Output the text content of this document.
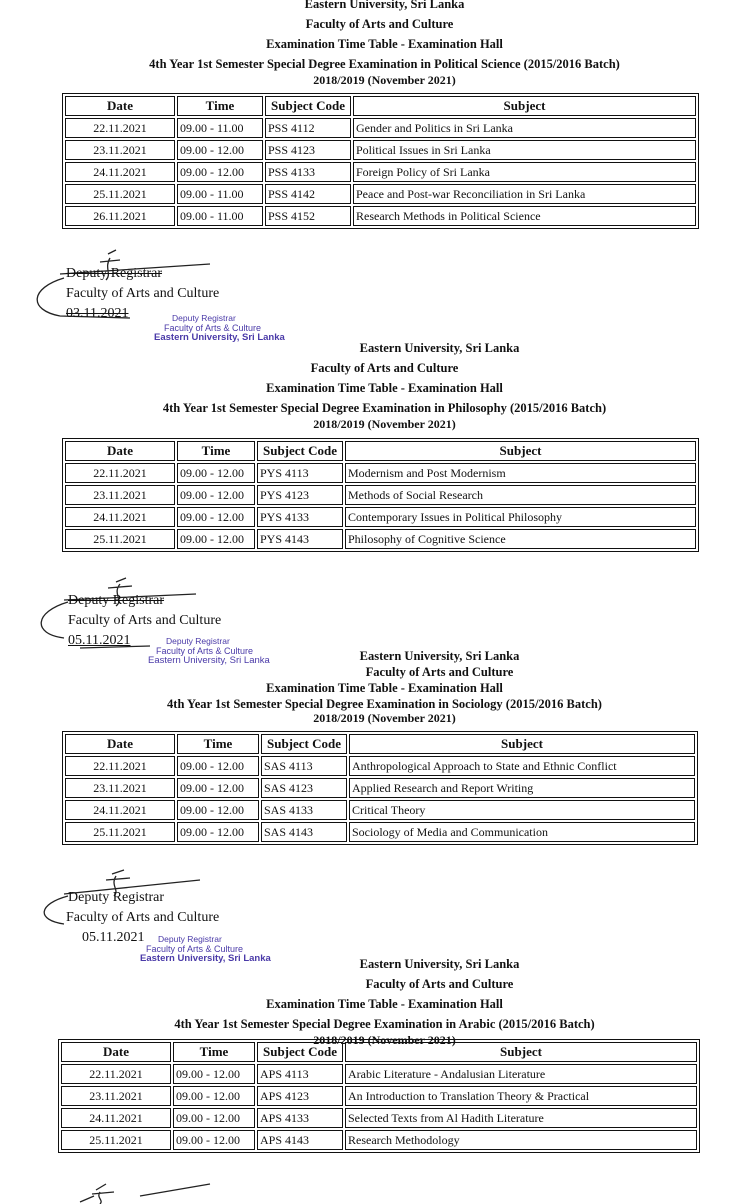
Eastern University, Sri Lanka
Faculty of Arts and Culture
Examination Time Table - Examination Hall
4th Year 1st Semester Special Degree Examination in Political Science (2015/2016 Batch)
2018/2019 (November 2021)
Date	Time	Subject Code	Subject
22.11.2021	09.00 - 11.00	PSS 4112	Gender and Politics in Sri Lanka
23.11.2021	09.00 - 12.00	PSS 4123	Political Issues in Sri Lanka
24.11.2021	09.00 - 12.00	PSS 4133	Foreign Policy of Sri Lanka
25.11.2021	09.00 - 11.00	PSS 4142	Peace and Post-war Reconciliation in Sri Lanka
26.11.2021	09.00 - 11.00	PSS 4152	Research Methods in Political Science
Deputy Registrar
Faculty of Arts and Culture
03.11.2021	Deputy Registrar
Faculty of Arts & Culture
Eastern University, Sri Lanka
Eastern University, Sri Lanka
Faculty of Arts and Culture
Examination Time Table - Examination Hall
4th Year 1st Semester Special Degree Examination in Philosophy (2015/2016 Batch)
2018/2019 (November 2021)
Date	Time	Subject Code	Subject
22.11.2021	09.00 - 12.00	PYS 4113	Modernism and Post Modernism
23.11.2021	09.00 - 12.00	PYS 4123	Methods of Social Research
24.11.2021	09.00 - 12.00	PYS 4133	Contemporary Issues in Political Philosophy
25.11.2021	09.00 - 12.00	PYS 4143	Philosophy of Cognitive Science
Deputy Registrar
Faculty of Arts and Culture
05.11.2021	Deputy Registrar
Faculty of Arts & Culture
Eastern University, Sri Lanka	Eastern University, Sri Lanka
Faculty of Arts and Culture
Examination Time Table - Examination Hall
4th Year 1st Semester Special Degree Examination in Sociology (2015/2016 Batch)
2018/2019 (November 2021)
Date	Time	Subject Code	Subject
22.11.2021	09.00 - 12.00	SAS 4113	Anthropological Approach to State and Ethnic Conflict
23.11.2021	09.00 - 12.00	SAS 4123	Applied Research and Report Writing
24.11.2021	09.00 - 12.00	SAS 4133	Critical Theory
25.11.2021	09.00 - 12.00	SAS 4143	Sociology of Media and Communication
Deputy Registrar
Faculty of Arts and Culture
05.11.2021	Deputy Registrar
Faculty of Arts & Culture
Eastern University, Sri Lanka	Eastern University, Sri Lanka
Faculty of Arts and Culture
Examination Time Table - Examination Hall
4th Year 1st Semester Special Degree Examination in Arabic (2015/2016 Batch)
2018/2019 (November 2021)
Date	Time	Subject Code	Subject
22.11.2021	09.00 - 12.00	APS 4113	Arabic Literature - Andalusian Literature
23.11.2021	09.00 - 12.00	APS 4123	An Introduction to Translation Theory & Practical
24.11.2021	09.00 - 12.00	APS 4133	Selected Texts from Al Hadith Literature
25.11.2021	09.00 - 12.00	APS 4143	Research Methodology
